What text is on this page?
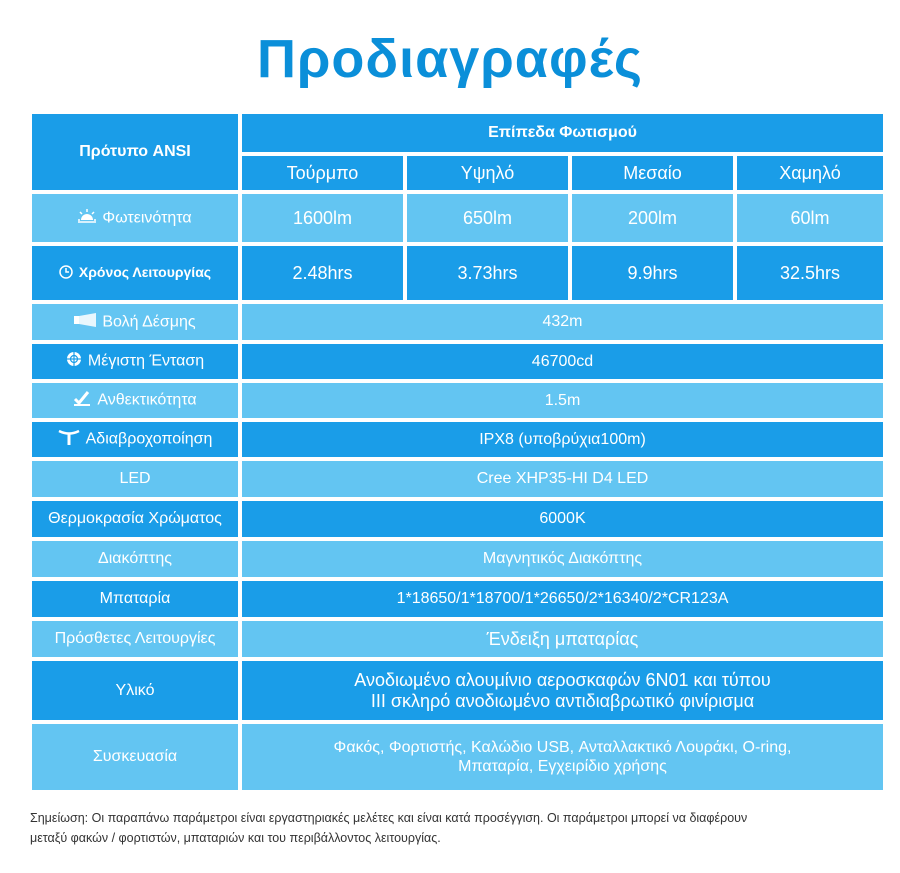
Προδιαγραφές
Πρότυπο ANSI	Επίπεδα Φωτισμού			
	Τούρμπο	Υψηλό	Μεσαίο	Χαμηλό
Φωτεινότητα	1600lm	650lm	200lm	60lm
Χρόνος Λειτουργίας	2.48hrs	3.73hrs	9.9hrs	32.5hrs
Βολή Δέσμης	432m			
Μέγιστη Ένταση	46700cd			
Ανθεκτικότητα	1.5m			
Αδιαβροχοποίηση	IPX8 (υποβρύχια100m)			
LED	Cree XHP35-HI D4 LED			
Θερμοκρασία Χρώματος	6000K			
Διακόπτης	Μαγνητικός Διακόπτης			
Μπαταρία	1*18650/1*18700/1*26650/2*16340/2*CR123A			
Πρόσθετες Λειτουργίες	Ένδειξη μπαταρίας			
Υλικό	Ανοδιωμένο αλουμίνιο αεροσκαφών 6N01 και τύπου
III σκληρό ανοδιωμένο αντιδιαβρωτικό φινίρισμα			

Συσκευασία	Φακός, Φορτιστής, Καλώδιο USB, Ανταλλακτικό Λουράκι, O-ring,
Μπαταρία, Εγχειρίδιο χρήσης			
Σημείωση: Οι παραπάνω παράμετροι είναι εργαστηριακές μελέτες και είναι κατά προσέγγιση. Οι παράμετροι μπορεί να διαφέρουν
μεταξύ φακών / φορτιστών, μπαταριών και του περιβάλλοντος λειτουργίας.
